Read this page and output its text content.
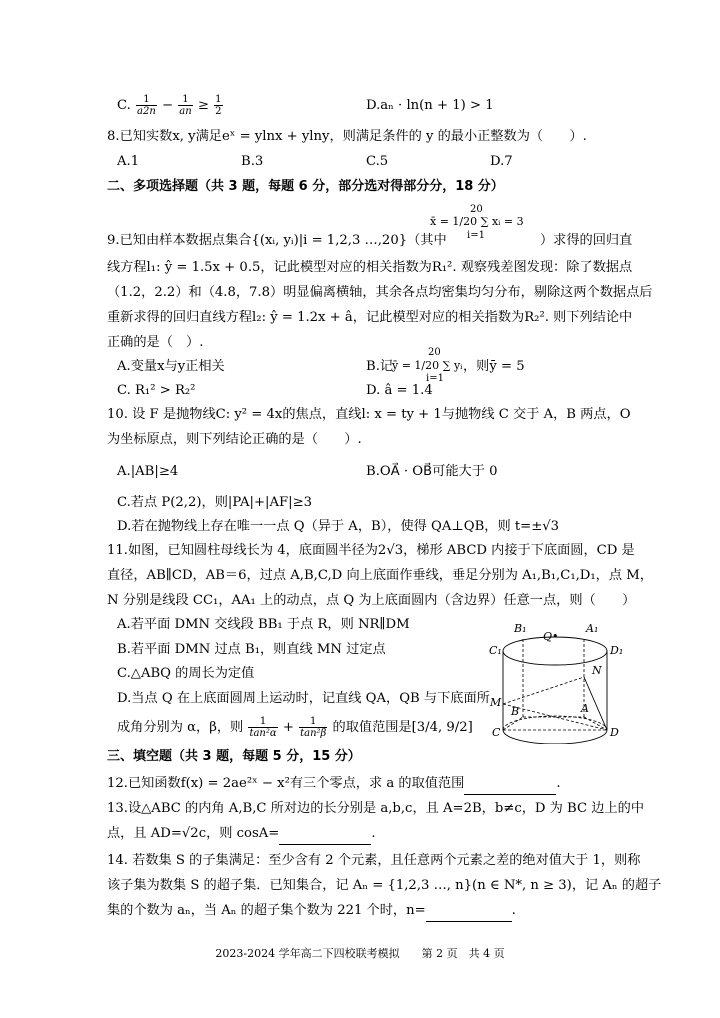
C. $\frac{1}{a2n} - \frac{1}{an} \ge \frac{1}{2}$	D.aₙ · ln(n + 1) > 1
8.已知实数x, y满足eˣ = ylnx + ylny，则满足条件的 y 的最小正整数为（　　）.
A.1	B.3	C.5	D.7
二、多项选择题（共 3 题，每题 6 分，部分选对得部分分，18 分）
20
x̄ = 1/20 ∑ xᵢ = 3
i=1
9.已知由样本数据点集合{(xᵢ, yᵢ)|i = 1,2,3 …,20}（其中	）求得的回归直
线方程l₁: ŷ = 1.5x + 0.5，记此模型对应的相关指数为R₁². 观察残差图发现：除了数据点
（1.2，2.2）和（4.8，7.8）明显偏离横轴，其余各点均密集均匀分布，剔除这两个数据点后
重新求得的回归直线方程l₂: ŷ = 1.2x + â，记此模型对应的相关指数为R₂². 则下列结论中
正确的是（　）.
A.变量x与y正相关	B.记
20
ȳ = 1/20 ∑ yᵢ
i=1
，则ȳ = 5
C. R₁² > R₂²	D. â = 1.4
10. 设 F 是抛物线C: y² = 4x的焦点，直线l: x = ty + 1与抛物线 C 交于 A，B 两点，O
为坐标原点，则下列结论正确的是（　　）.
A.|AB|≥4	B.OA⃗ · OB⃗可能大于 0
C.若点 P(2,2)，则|PA|+|AF|≥3
D.若在抛物线上存在唯一一点 Q（异于 A，B），使得 QA⊥QB，则 t=±√3
11.如图，已知圆柱母线长为 4，底面圆半径为2√3，梯形 ABCD 内接于下底面圆，CD 是
直径，AB∥CD，AB＝6，过点 A,B,C,D 向上底面作垂线，垂足分别为 A₁,B₁,C₁,D₁，点 M，
N 分别是线段 CC₁，AA₁ 上的动点，点 Q 为上底面圆内（含边界）任意一点，则（　　）
A.若平面 DMN 交线段 BB₁ 于点 R，则 NR∥DM
B.若平面 DMN 过点 B₁，则直线 MN 过定点
C.△ABQ 的周长为定值
D.当点 Q 在上底面圆周上运动时，记直线 QA，QB 与下底面所
成角分别为 α，β，则 $\frac{1}{\text{tan²α}} + \frac{1}{\text{tan²β}}$ 的取值范围是[3/4, 9/2]
B₁
Q•
A₁
C₁	D₁
N
M
B	A
C	D
三、填空题（共 3 题，每题 5 分，15 分）
12.已知函数f(x) = 2ae²ˣ − x²有三个零点，求 a 的取值范围	.
13.设△ABC 的内角 A,B,C 所对边的长分别是 a,b,c，且 A=2B，b≠c，D 为 BC 边上的中
点，且 AD=√2c，则 cosA=	.
14. 若数集 S 的子集满足：至少含有 2 个元素，且任意两个元素之差的绝对值大于 1，则称
该子集为数集 S 的超子集．已知集合，记 Aₙ = {1,2,3 …, n}(n ∈ N*, n ≥ 3)，记 Aₙ 的超子
集的个数为 aₙ，当 Aₙ 的超子集个数为 221 个时，n=	.
2023-2024 学年高二下四校联考模拟　　第 2 页　共 4 页
